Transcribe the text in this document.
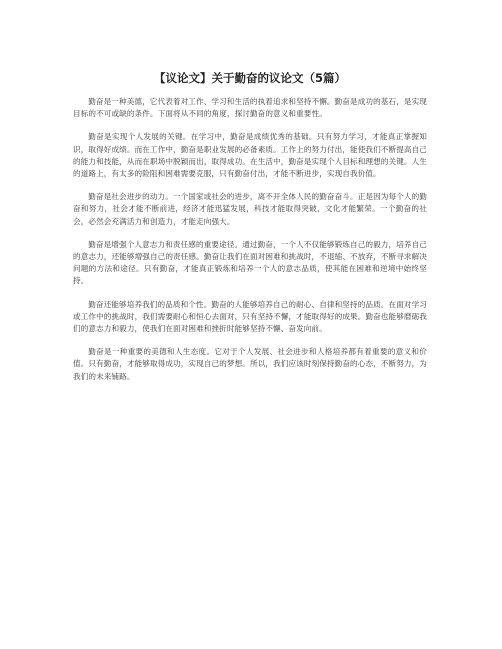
【议论文】关于勤奋的议论文（5篇）

勤奋是一种美德，它代表着对工作、学习和生活的执着追求和坚持不懈。勤奋是成功的基石，是实现目标的不可或缺的条件。下面将从不同的角度，探讨勤奋的意义和重要性。

勤奋是实现个人发展的关键。在学习中，勤奋是成绩优秀的基础。只有努力学习，才能真正掌握知识，取得好成绩。而在工作中，勤奋是职业发展的必备素质。工作上的努力付出，能使我们不断提高自己的能力和技能，从而在职场中脱颖而出，取得成功。在生活中，勤奋是实现个人目标和理想的关键。人生的道路上，有太多的险阻和困难需要克服，只有勤奋付出，才能不断进步，实现自我价值。

勤奋是社会进步的动力。一个国家或社会的进步，离不开全体人民的勤奋奋斗。正是因为每个人的勤奋和努力，社会才能不断前进，经济才能迅猛发展，科技才能取得突破，文化才能繁荣。一个勤奋的社会，必然会充满活力和创造力，才能走向强大。

勤奋是增强个人意志力和责任感的重要途径。通过勤奋，一个人不仅能够锻炼自己的毅力，培养自己的意志力，还能够增强自己的责任感。勤奋让我们在面对困难和挑战时，不退缩、不放弃，不断寻求解决问题的方法和途径。只有勤奋，才能真正锻炼和培养一个人的意志品质，使其能在困难和逆境中始终坚持。

勤奋还能够培养我们的品质和个性。勤奋的人能够培养自己的耐心、自律和坚持的品质。在面对学习或工作中的挑战时，我们需要耐心和恒心去面对，只有坚持不懈，才能取得好的成果。勤奋也能够磨砺我们的意志力和毅力，使我们在面对困难和挫折时能够坚持不懈、奋发向前。

勤奋是一种重要的美德和人生态度。它对于个人发展、社会进步和人格培养都有着重要的意义和价值。只有勤奋，才能够取得成功，实现自己的梦想。所以，我们应该时刻保持勤奋的心态，不断努力，为我们的未来铺路。
